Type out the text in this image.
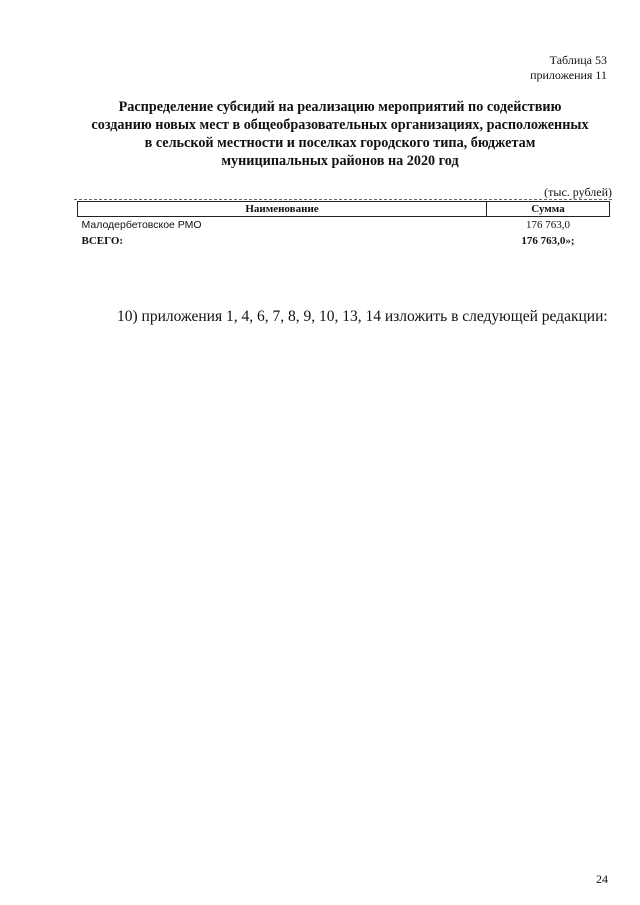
Таблица 53
приложения 11
Распределение субсидий на реализацию мероприятий по содействию
созданию новых мест в общеобразовательных организациях, расположенных
в сельской местности и поселках городского типа, бюджетам
муниципальных районов на 2020 год
(тыс. рублей)
Наименование	Сумма
Малодербетовское РМО	176 763,0
ВСЕГО:	176 763,0»;
10) приложения 1, 4, 6, 7, 8, 9, 10, 13, 14 изложить в следующей редакции:
24
